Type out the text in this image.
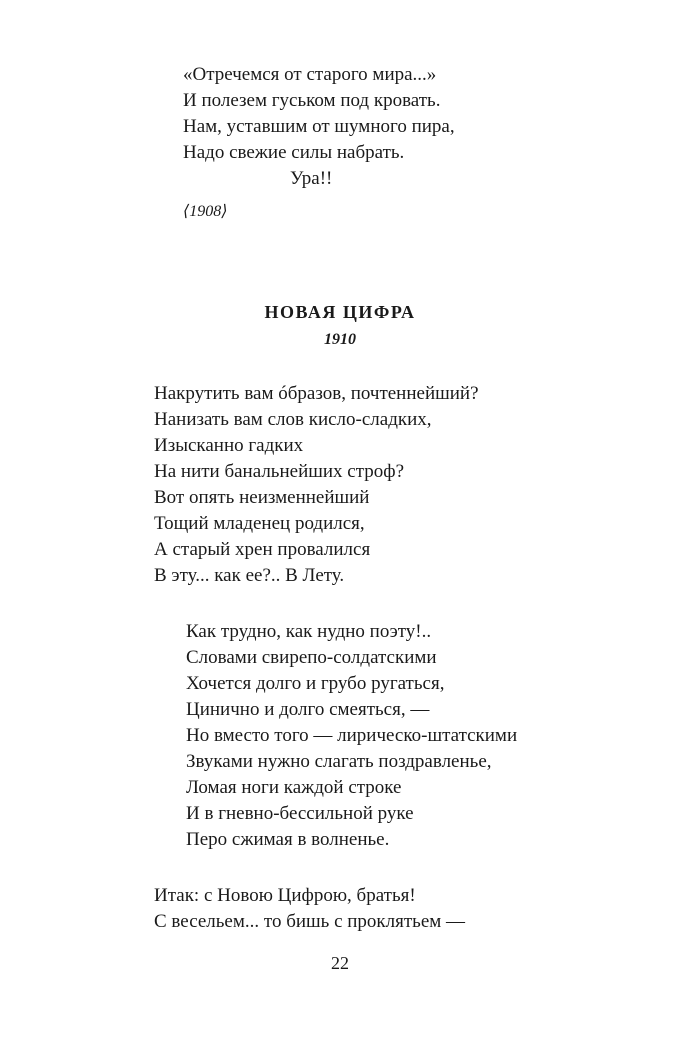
«Отречемся от старого мира...»
И полезем гуськом под кровать.
Нам, уставшим от шумного пира,
Надо свежие силы набрать.
Ура!!
⟨1908⟩
НОВАЯ ЦИФРА
1910
Накрутить вам óбразов, почтеннейший?
Нанизать вам слов кисло-сладких,
Изысканно гадких
На нити банальнейших строф?
Вот опять неизменнейший
Тощий младенец родился,
А старый хрен провалился
В эту... как ее?.. В Лету.
Как трудно, как нудно поэту!..
Словами свирепо-солдатскими
Хочется долго и грубо ругаться,
Цинично и долго смеяться, —
Но вместо того — лирическо-штатскими
Звуками нужно слагать поздравленье,
Ломая ноги каждой строке
И в гневно-бессильной руке
Перо сжимая в волненье.
Итак: с Новою Цифрою, братья!
С весельем... то бишь с проклятьем —
22
